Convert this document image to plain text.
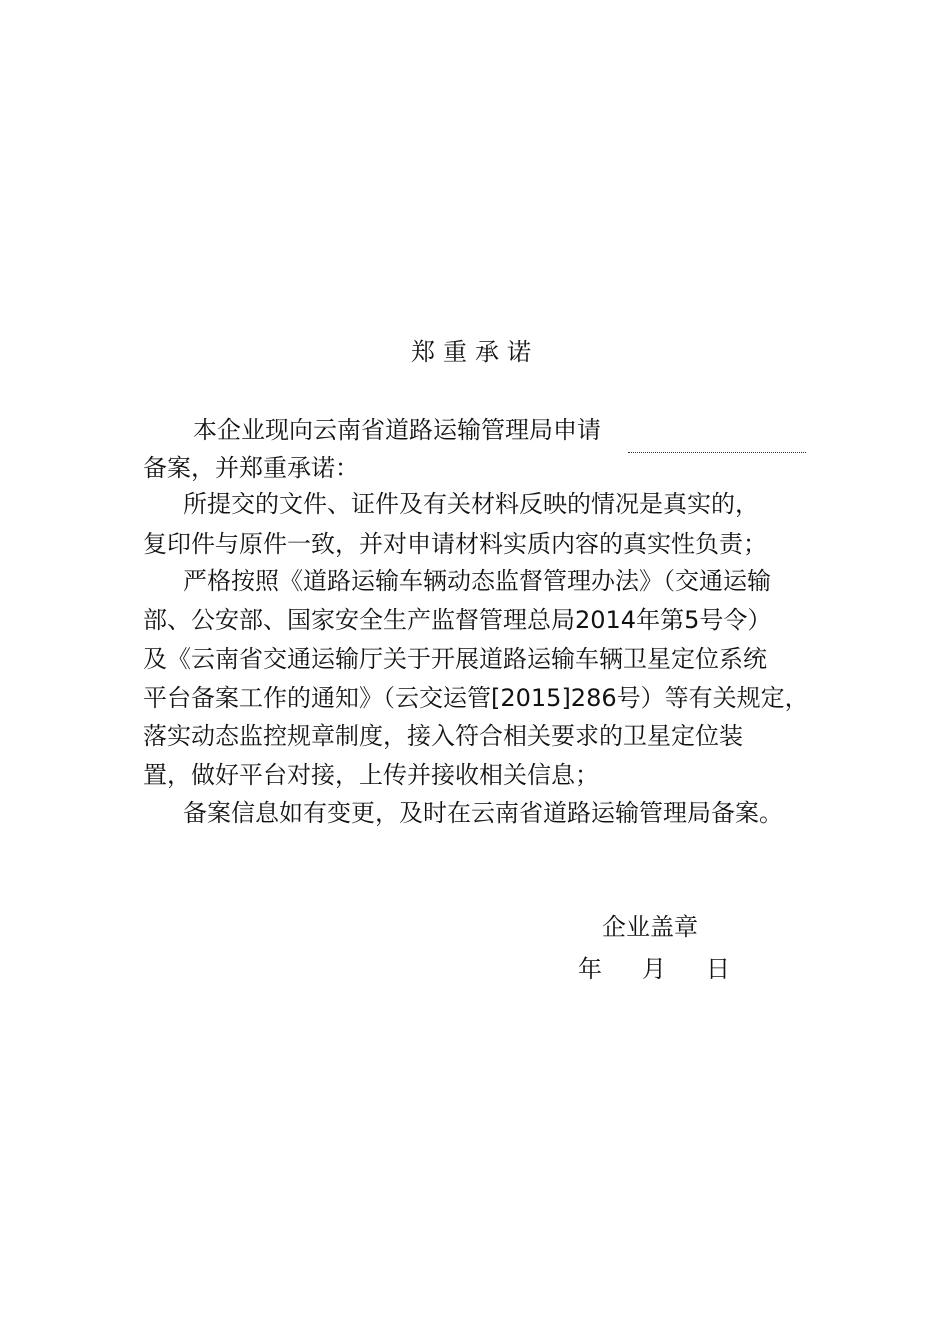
郑重承诺
本企业现向云南省道路运输管理局申请
备案，并郑重承诺：
所提交的文件、证件及有关材料反映的情况是真实的，
复印件与原件一致，并对申请材料实质内容的真实性负责；
严格按照《道路运输车辆动态监督管理办法》（交通运输
部、公安部、国家安全生产监督管理总局2014年第5号令）
及《云南省交通运输厅关于开展道路运输车辆卫星定位系统
平台备案工作的通知》（云交运管[2015]286号）等有关规定，
落实动态监控规章制度，接入符合相关要求的卫星定位装
置，做好平台对接，上传并接收相关信息；
备案信息如有变更，及时在云南省道路运输管理局备案。
企业盖章
年 月 日
